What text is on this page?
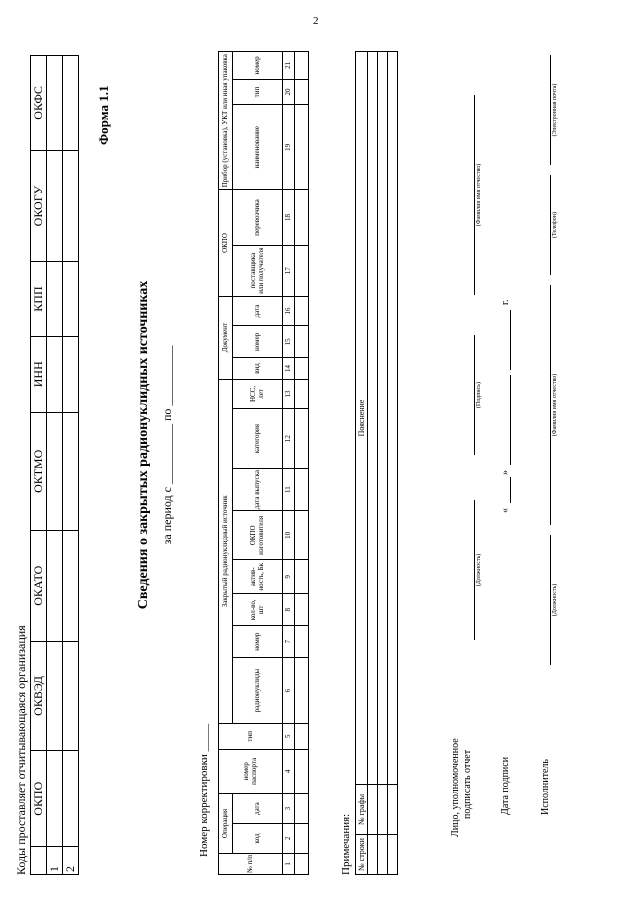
2
Коды проставляет отчитывающаяся организация
	ОКПО	ОКВЭД	ОКАТО	ОКТМО	ИНН	КПП	ОКОГУ	ОКФС
1								
2								
Форма 1.1
Сведения о закрытых радионуклидных источниках за период с __________ по __________
Номер корректировки _____
№ п/п	Операция		номер паспорта	тип	Закрытый радионуклидный источник								Документ			ОКПО		Прибор (установка), УКТ или иная упаковка		
	код	дата			радионуклиды	номер	кол-во, шт	актив-ность, Бк	ОКПО изготовителя	дата выпуска	категория	НСС, лет	вид	номер	дата	поставщика или получателя	перевозчика	наименование	тип	номер
1	2	3	4	5	6	7	8	9	10	11	12	13	14	15	16	17	18	19	20	21

Примечания: № строки	№ графы	Пояснение

Лицо, уполномоченное подписать отчет
(Должность)
(Подпись)
(Фамилия имя отчество)
Дата подписи
«
»
г.
Исполнитель
(Должность)
(Фамилия имя отчество)
(Телефон)
(Электронная почта)
